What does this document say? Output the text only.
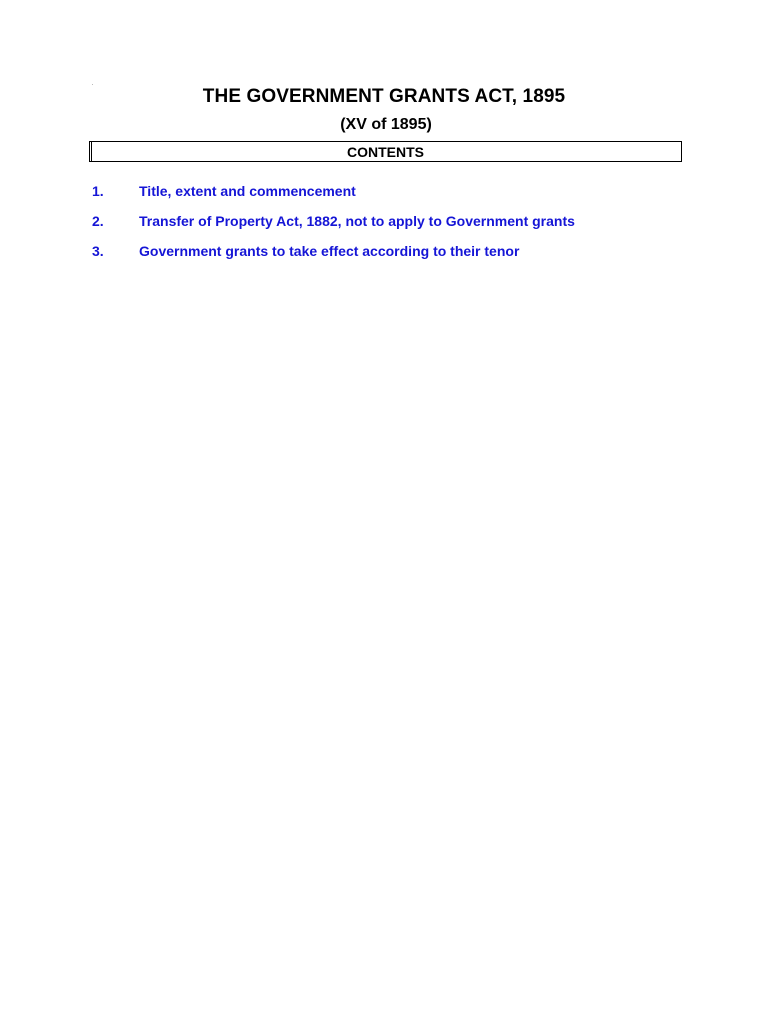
THE GOVERNMENT GRANTS ACT, 1895
(XV of 1895)
CONTENTS
1.	Title, extent and commencement
2.	Transfer of Property Act, 1882, not to apply to Government grants
3.	Government grants to take effect according to their tenor
